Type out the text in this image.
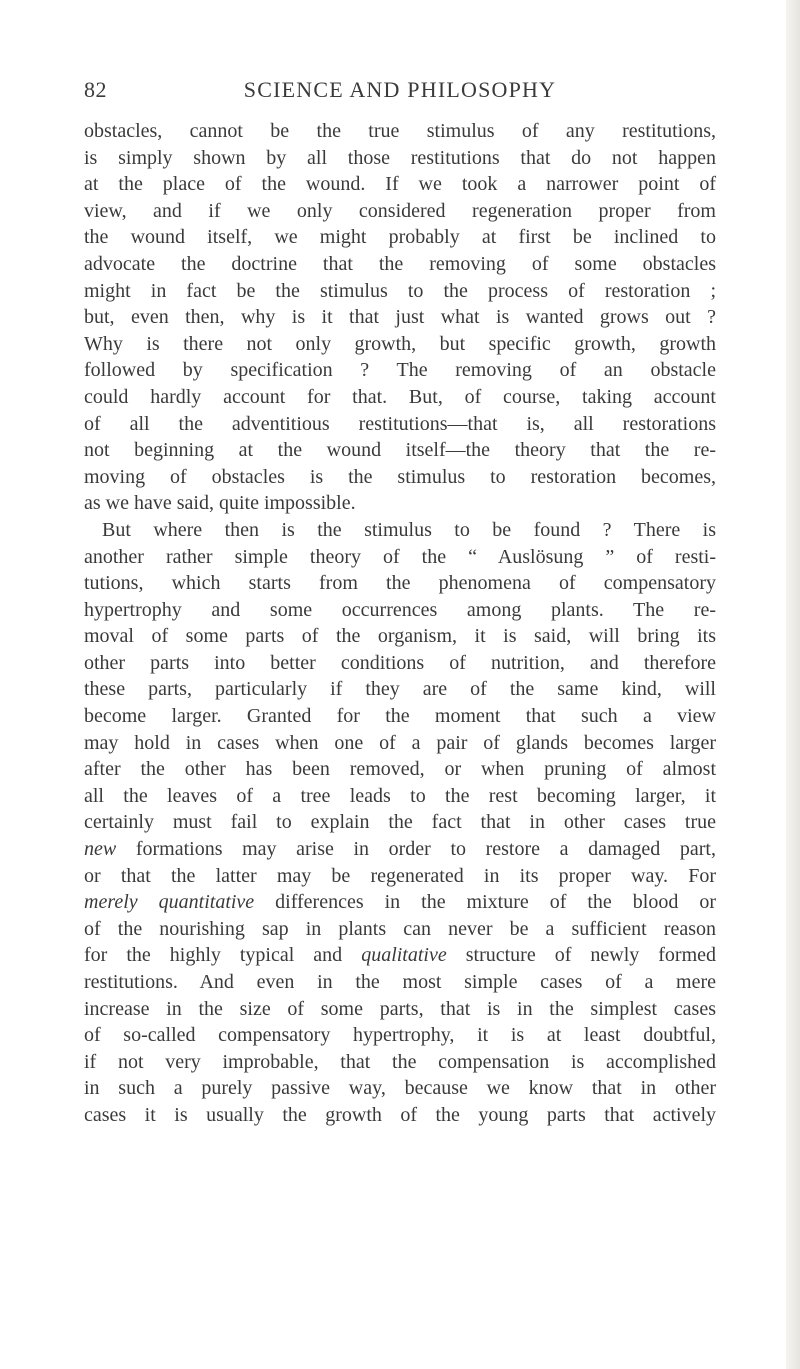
82	SCIENCE AND PHILOSOPHY
obstacles, cannot be the true stimulus of any restitutions,
is simply shown by all those restitutions that do not happen
at the place of the wound. If we took a narrower point of
view, and if we only considered regeneration proper from
the wound itself, we might probably at first be inclined to
advocate the doctrine that the removing of some obstacles
might in fact be the stimulus to the process of restoration ;
but, even then, why is it that just what is wanted grows out ?
Why is there not only growth, but specific growth, growth
followed by specification ? The removing of an obstacle
could hardly account for that. But, of course, taking account
of all the adventitious restitutions—that is, all restorations
not beginning at the wound itself—the theory that the re-
moving of obstacles is the stimulus to restoration becomes,
as we have said, quite impossible.
But where then is the stimulus to be found ? There is
another rather simple theory of the “ Auslösung ” of resti-
tutions, which starts from the phenomena of compensatory
hypertrophy and some occurrences among plants. The re-
moval of some parts of the organism, it is said, will bring its
other parts into better conditions of nutrition, and therefore
these parts, particularly if they are of the same kind, will
become larger. Granted for the moment that such a view
may hold in cases when one of a pair of glands becomes larger
after the other has been removed, or when pruning of almost
all the leaves of a tree leads to the rest becoming larger, it
certainly must fail to explain the fact that in other cases true
new formations may arise in order to restore a damaged part,
or that the latter may be regenerated in its proper way. For
merely quantitative differences in the mixture of the blood or
of the nourishing sap in plants can never be a sufficient reason
for the highly typical and qualitative structure of newly formed
restitutions. And even in the most simple cases of a mere
increase in the size of some parts, that is in the simplest cases
of so-called compensatory hypertrophy, it is at least doubtful,
if not very improbable, that the compensation is accomplished
in such a purely passive way, because we know that in other
cases it is usually the growth of the young parts that actively
